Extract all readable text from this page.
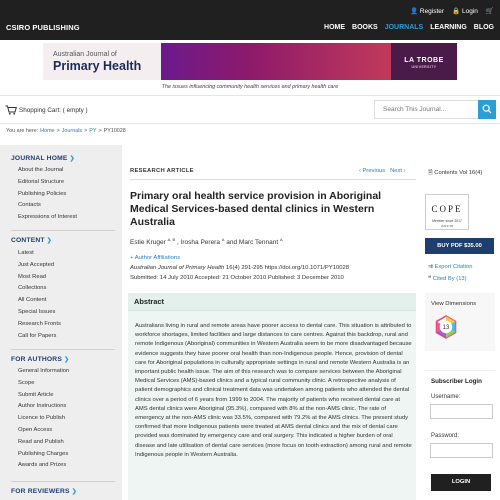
CSIRO PUBLISHING
👤 Register 🔒 Login 🛒
HOME BOOKS JOURNALS LEARNING BLOG
Australian Journal of
Primary Health	LA TROBE
UNIVERSITY
The issues influencing community health services and primary health care
Shopping Cart: ( empty )
Search This Journal...
You are here: Home > Journals > PY > PY10028
JOURNAL HOME ❯
About the Journal
Editorial Structure
Publishing Policies
Contacts
Expressions of Interest
CONTENT ❯
Latest
Just Accepted
Most Read
Collections
All Content
Special Issues
Research Fronts
Call for Papers
FOR AUTHORS ❯
General Information
Scope
Submit Article
Author Instructions
Licence to Publish
Open Access
Read and Publish
Publishing Charges
Awards and Prizes
FOR REVIEWERS ❯
RESEARCH ARTICLE	‹ Previous Next ›
Primary oral health service provision in Aboriginal Medical Services-based dental clinics in Western Australia
Estie Kruger $^{A, B}$ , Irosha Perera $^A$ and Marc Tennant $^A$
+ Author Affiliations
Australian Journal of Primary Health 16(4) 291-295 https://doi.org/10.1071/PY10028
Submitted: 14 July 2010 Accepted: 21 October 2010 Published: 3 December 2010
Abstract

Australians living in rural and remote areas have poorer access to dental care. This situation is attributed to workforce shortages, limited facilities and large distances to care centres. Against this backdrop, rural and remote Indigenous (Aboriginal) communities in Western Australia seem to be more disadvantaged because evidence suggests they have poorer oral health than non-Indigenous people. Hence, provision of dental care for Aboriginal populations in culturally appropriate settings in rural and remote Western Australia is an important public health issue. The aim of this research was to compare services between the Aboriginal Medical Services (AMS)-based clinics and a typical rural community clinic. A retrospective analysis of patient demographics and clinical treatment data was undertaken among patients who attended the dental clinics over a period of 6 years from 1999 to 2004. The majority of patients who received dental care at AMS dental clinics were Aboriginal (95.3%), compared with 8% at the non-AMS clinic. The rate of emergency at the non-AMS clinic was 33.5%, compared with 79.2% at the AMS clinics. The present study confirmed that more Indigenous patients were treated at AMS dental clinics and the mix of dental care provided was dominated by emergency care and oral surgery. This indicated a higher burden of oral disease and late utilisation of dental care services (more focus on tooth extraction) among rural and remote Indigenous people in Western Australia.

🗎 Contents Vol 16(4)
COPE
Member since 2017
JM13738
BUY PDF $35.00
⇉ Export Citation
❝ Cited By (13)
View Dimensions
13
Subscriber Login
Username:
Password:
LOGIN
